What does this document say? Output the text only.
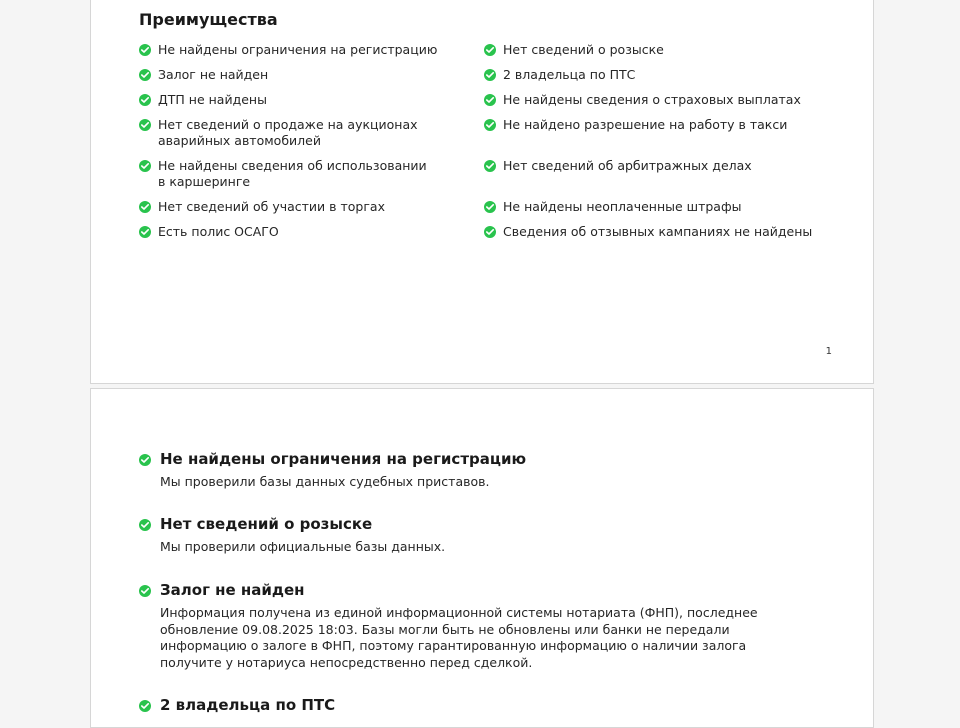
Преимущества
Не найдены ограничения на регистрацию
Залог не найден
ДТП не найдены
Нет сведений о продаже на аукционах аварийных автомобилей
Не найдены сведения об использовании в каршеринге
Нет сведений об участии в торгах
Есть полис ОСАГО
Нет сведений о розыске
2 владельца по ПТС
Не найдены сведения о страховых выплатах
Не найдено разрешение на работу в такси
Нет сведений об арбитражных делах
Не найдены неоплаченные штрафы
Сведения об отзывных кампаниях не найдены
1
Не найдены ограничения на регистрацию

Мы проверили базы данных судебных приставов.

Нет сведений о розыске

Мы проверили официальные базы данных.

Залог не найден

Информация получена из единой информационной системы нотариата (ФНП), последнее обновление 09.08.2025 18:03. Базы могли быть не обновлены или банки не передали информацию о залоге в ФНП, поэтому гарантированную информацию о наличии залога получите у нотариуса непосредственно перед сделкой.

2 владельца по ПТС
